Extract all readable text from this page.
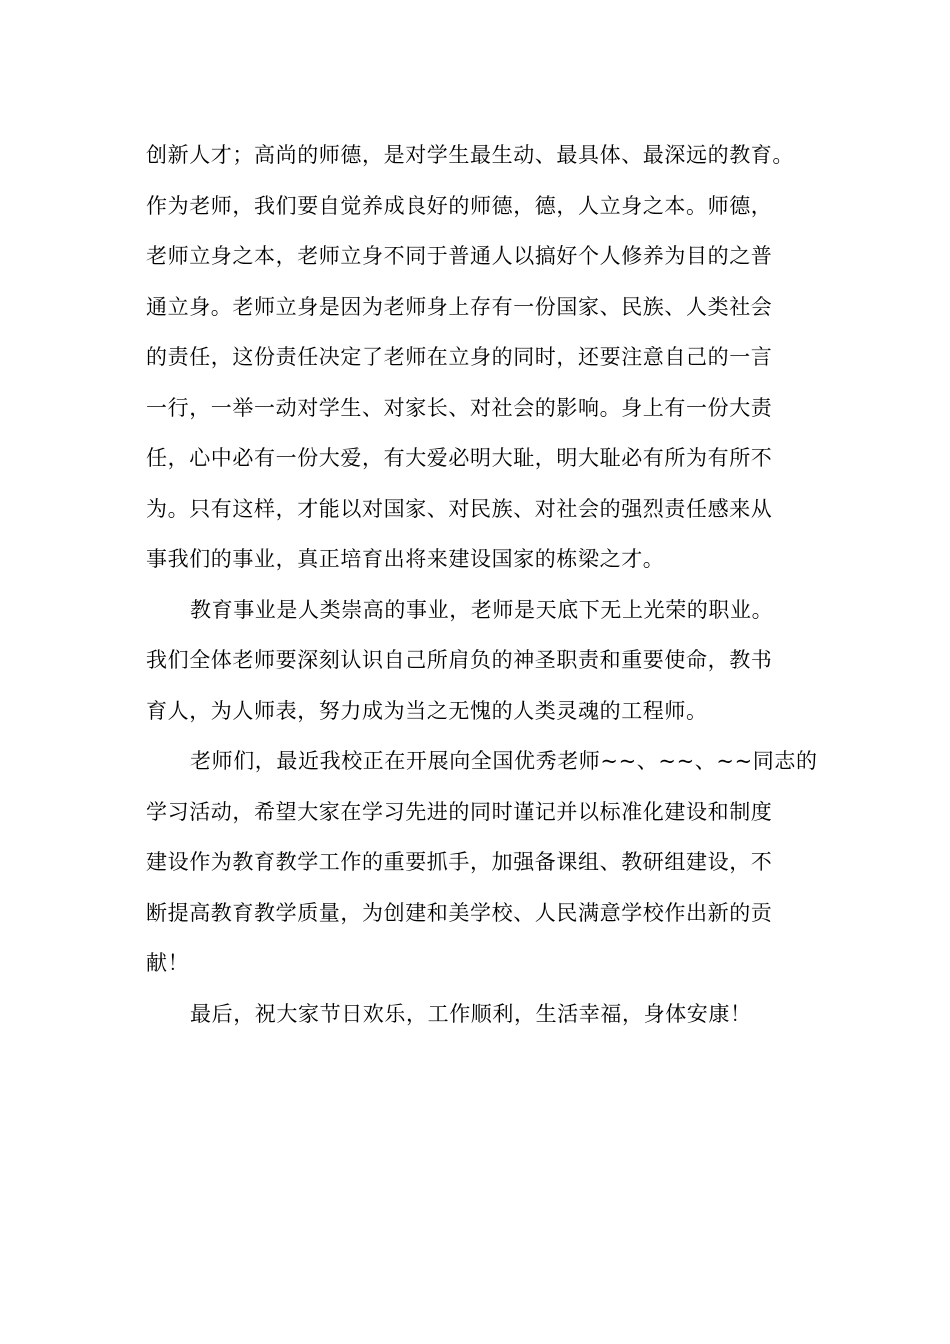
创新人才；高尚的师德，是对学生最生动、最具体、最深远的教育。
作为老师，我们要自觉养成良好的师德，德，人立身之本。师德，
老师立身之本，老师立身不同于普通人以搞好个人修养为目的之普
通立身。老师立身是因为老师身上存有一份国家、民族、人类社会
的责任，这份责任决定了老师在立身的同时，还要注意自己的一言
一行，一举一动对学生、对家长、对社会的影响。身上有一份大责
任，心中必有一份大爱，有大爱必明大耻，明大耻必有所为有所不
为。只有这样，才能以对国家、对民族、对社会的强烈责任感来从
事我们的事业，真正培育出将来建设国家的栋梁之才。
教育事业是人类崇高的事业，老师是天底下无上光荣的职业。
我们全体老师要深刻认识自己所肩负的神圣职责和重要使命，教书
育人，为人师表，努力成为当之无愧的人类灵魂的工程师。
老师们，最近我校正在开展向全国优秀老师~~、~~、~~同志的
学习活动，希望大家在学习先进的同时谨记并以标准化建设和制度
建设作为教育教学工作的重要抓手，加强备课组、教研组建设，不
断提高教育教学质量，为创建和美学校、人民满意学校作出新的贡
献！
最后，祝大家节日欢乐，工作顺利，生活幸福，身体安康！
